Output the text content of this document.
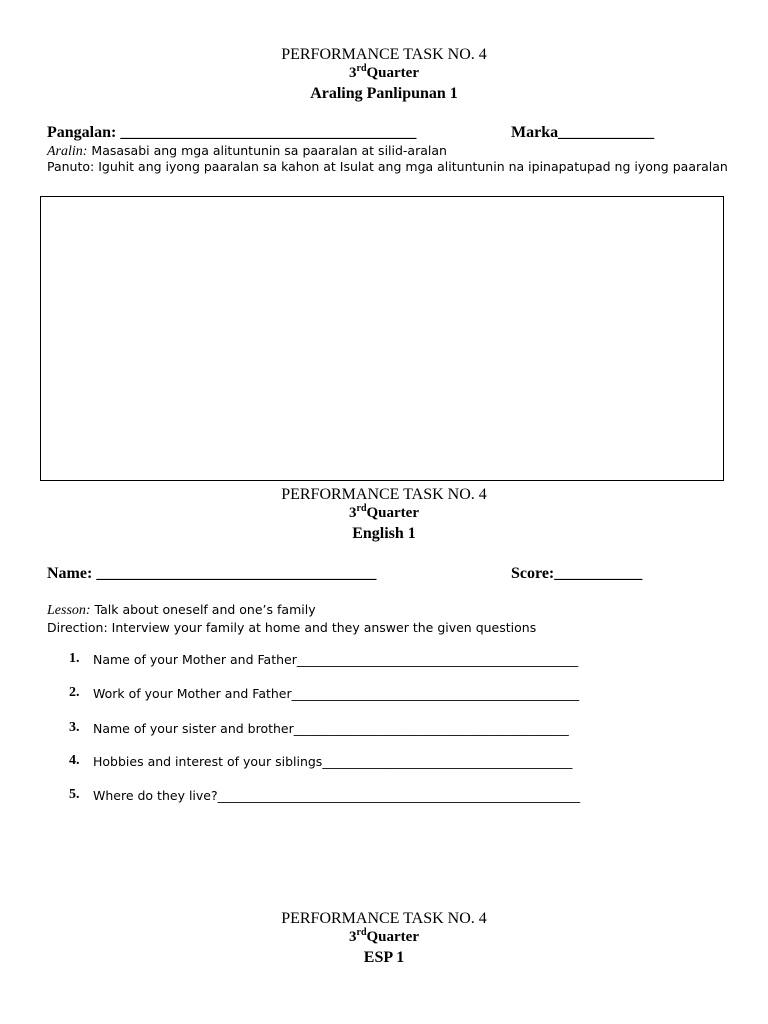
PERFORMANCE TASK NO. 4
3rdQuarter
Araling Panlipunan 1
Pangalan: _____________________________________	Marka____________
Aralin: Masasabi ang mga alituntunin sa paaralan at silid-aralan
Panuto: Iguhit ang iyong paaralan sa kahon at Isulat ang mga alituntunin na ipinapatupad ng iyong paaralan
PERFORMANCE TASK NO. 4
3rdQuarter
English 1
Name: ___________________________________	Score:___________
Lesson: Talk about oneself and one’s family
Direction: Interview your family at home and they answer the given questions
1. Name of your Mother and Father_____________________________________________
2. Work of your Mother and Father______________________________________________
3. Name of your sister and brother____________________________________________
4. Hobbies and interest of your siblings________________________________________
5. Where do they live?__________________________________________________________
PERFORMANCE TASK NO. 4
3rdQuarter
ESP 1
